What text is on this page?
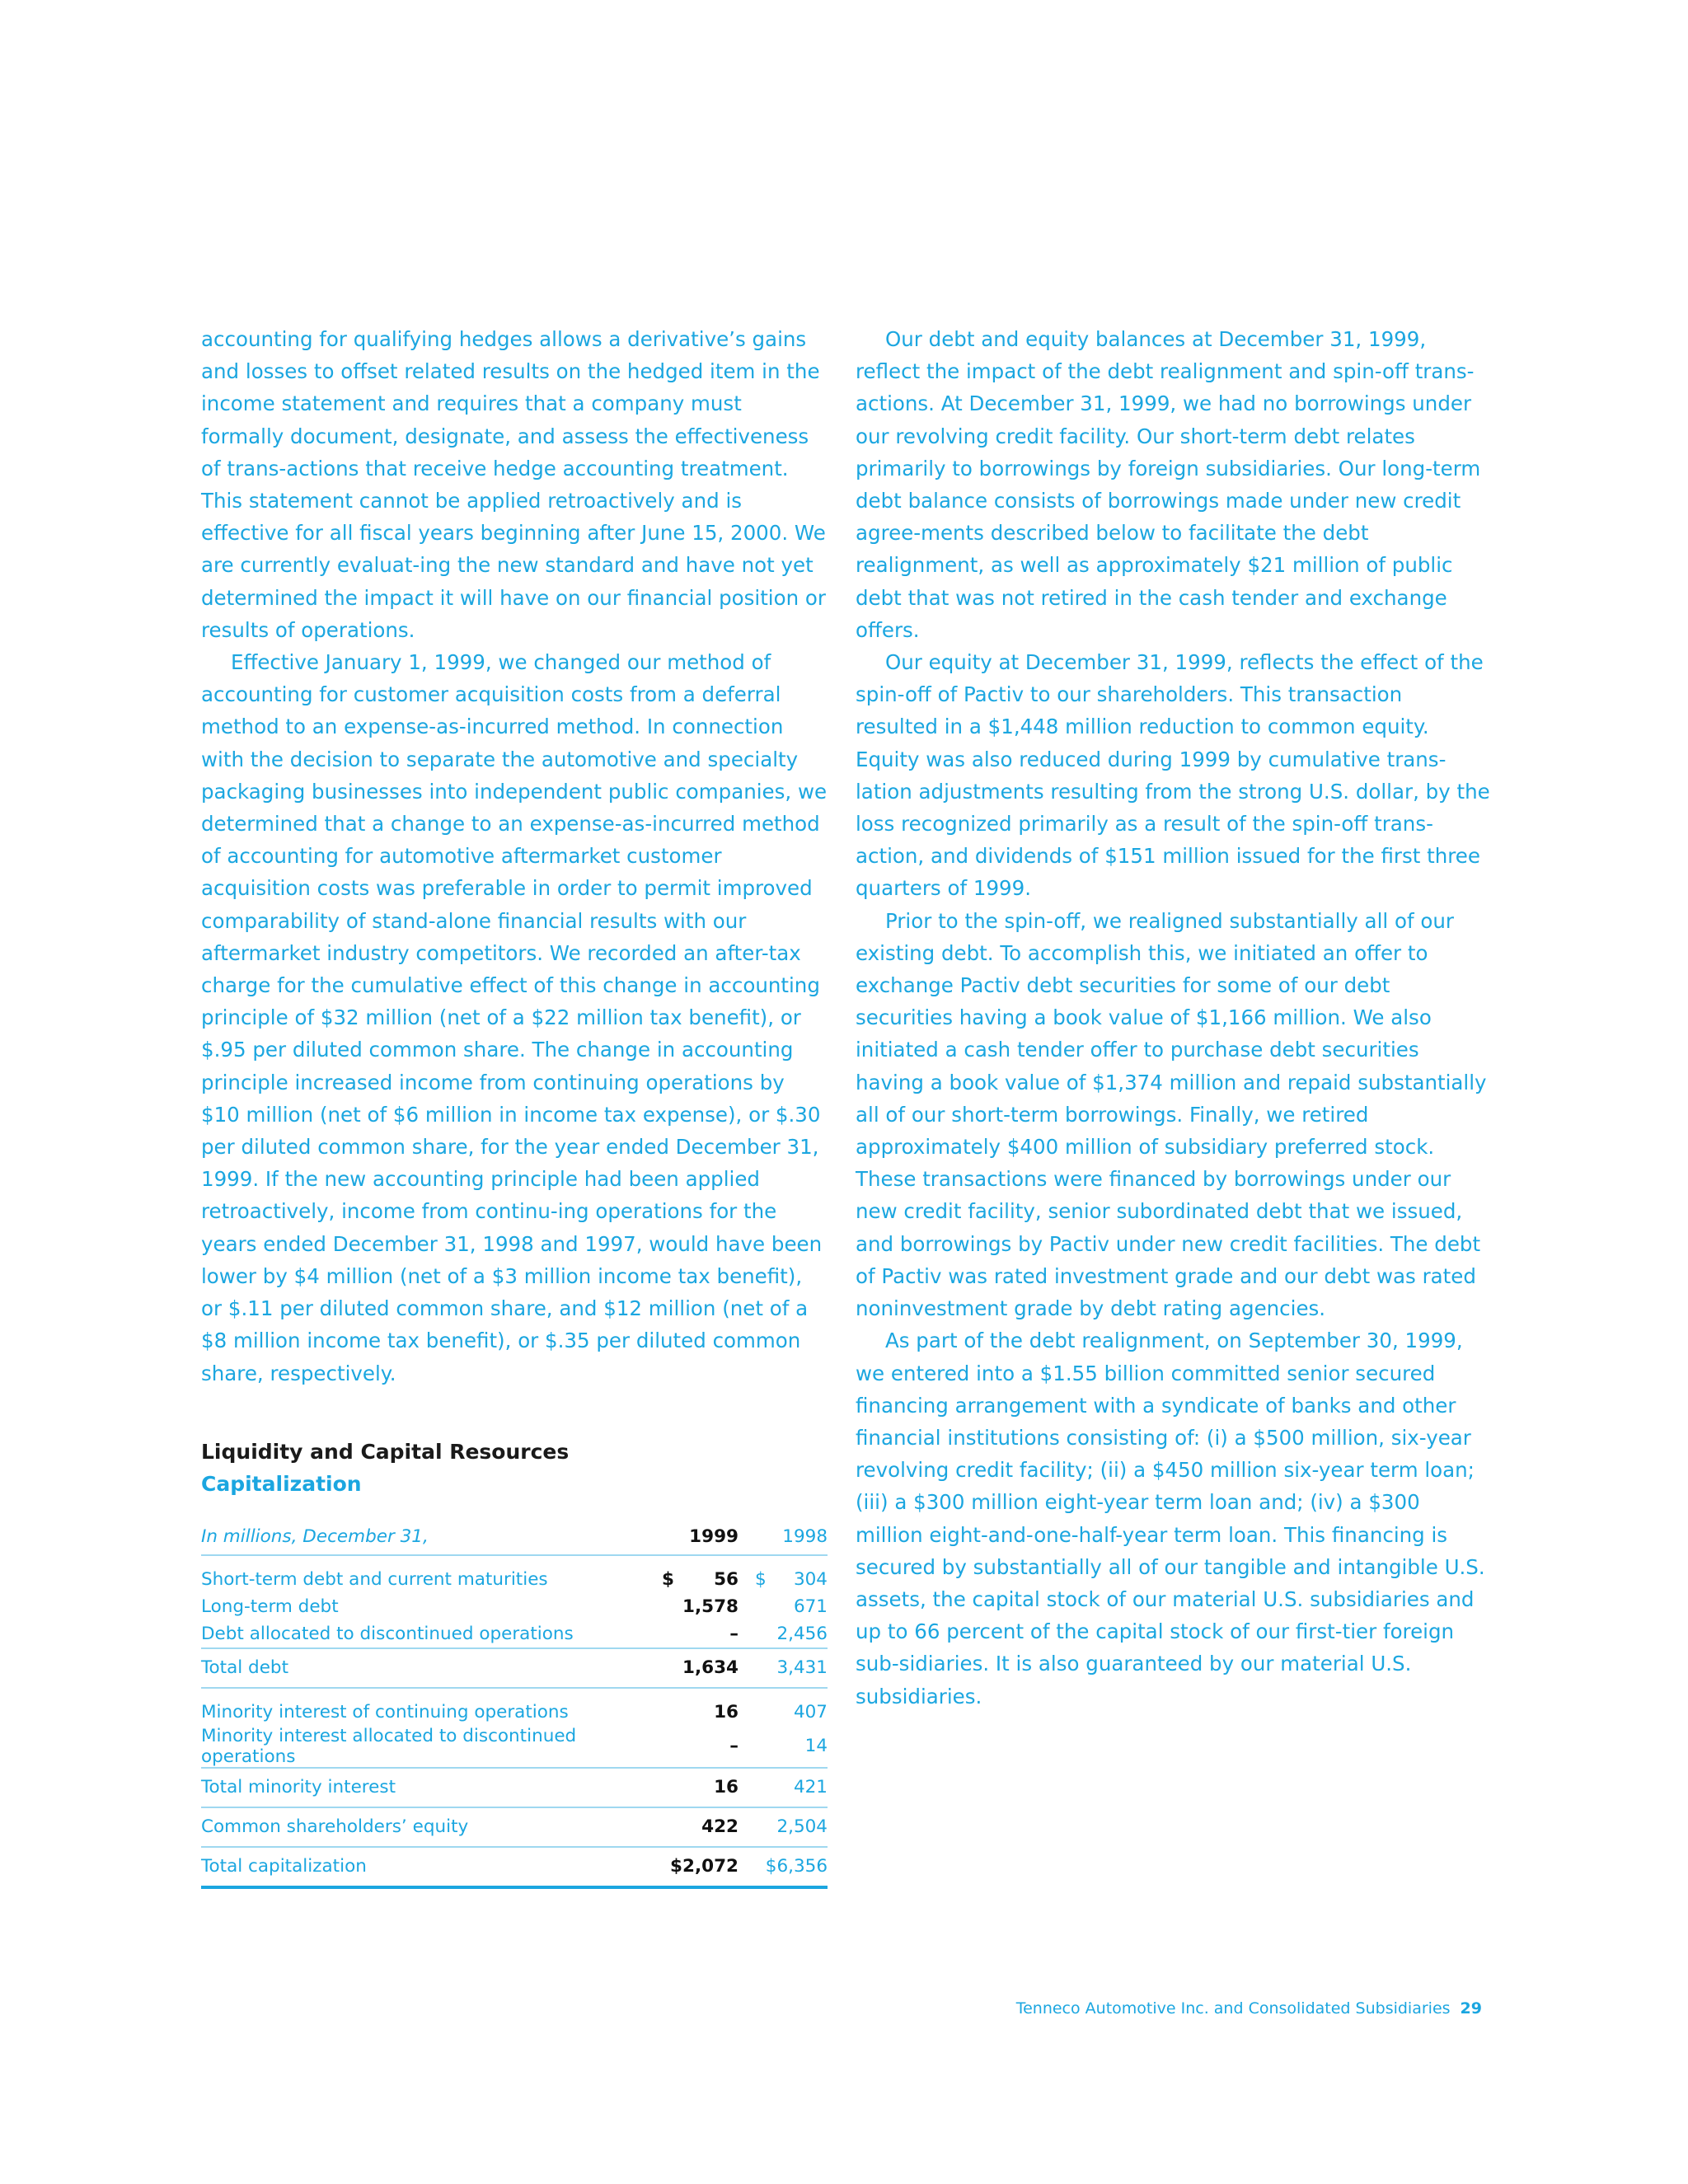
accounting for qualifying hedges allows a derivative’s gains and losses to offset related results on the hedged item in the income statement and requires that a company must formally document, designate, and assess the effectiveness of trans-actions that receive hedge accounting treatment. This statement cannot be applied retroactively and is effective for all fiscal years beginning after June 15, 2000. We are currently evaluat-ing the new standard and have not yet determined the impact it will have on our financial position or results of operations.

Effective January 1, 1999, we changed our method of accounting for customer acquisition costs from a deferral method to an expense-as-incurred method. In connection with the decision to separate the automotive and specialty packaging businesses into independent public companies, we determined that a change to an expense-as-incurred method of accounting for automotive aftermarket customer acquisition costs was preferable in order to permit improved comparability of stand-alone financial results with our aftermarket industry competitors. We recorded an after-tax charge for the cumulative effect of this change in accounting principle of $32 million (net of a $22 million tax benefit), or $.95 per diluted common share. The change in accounting principle increased income from continuing operations by $10 million (net of $6 million in income tax expense), or $.30 per diluted common share, for the year ended December 31, 1999. If the new accounting principle had been applied retroactively, income from continu-ing operations for the years ended December 31, 1998 and 1997, would have been lower by $4 million (net of a $3 million income tax benefit), or $.11 per diluted common share, and $12 million (net of a $8 million income tax benefit), or $.35 per diluted common share, respectively.

Liquidity and Capital Resources
Capitalization
In millions, December 31,	1999	1998
Short-term debt and current maturities	$ 56	$ 304

Long-term debt	1,578	671
Debt allocated to discontinued operations	–	2,456
Total debt	1,634	3,431
Minority interest of continuing operations	16	407
Minority interest allocated to discontinued operations	–	14
Total minority interest	16	421
Common shareholders’ equity	422	2,504
Total capitalization	$2,072	$6,356

Our debt and equity balances at December 31, 1999, reflect the impact of the debt realignment and spin-off trans-actions. At December 31, 1999, we had no borrowings under our revolving credit facility. Our short-term debt relates primarily to borrowings by foreign subsidiaries. Our long-term debt balance consists of borrowings made under new credit agree-ments described below to facilitate the debt realignment, as well as approximately $21 million of public debt that was not retired in the cash tender and exchange offers.

Our equity at December 31, 1999, reflects the effect of the spin-off of Pactiv to our shareholders. This transaction resulted in a $1,448 million reduction to common equity. Equity was also reduced during 1999 by cumulative trans-lation adjustments resulting from the strong U.S. dollar, by the loss recognized primarily as a result of the spin-off trans-action, and dividends of $151 million issued for the first three quarters of 1999.

Prior to the spin-off, we realigned substantially all of our existing debt. To accomplish this, we initiated an offer to exchange Pactiv debt securities for some of our debt securities having a book value of $1,166 million. We also initiated a cash tender offer to purchase debt securities having a book value of $1,374 million and repaid substantially all of our short-term borrowings. Finally, we retired approximately $400 million of subsidiary preferred stock. These transactions were financed by borrowings under our new credit facility, senior subordinated debt that we issued, and borrowings by Pactiv under new credit facilities. The debt of Pactiv was rated investment grade and our debt was rated noninvestment grade by debt rating agencies.

As part of the debt realignment, on September 30, 1999, we entered into a $1.55 billion committed senior secured financing arrangement with a syndicate of banks and other financial institutions consisting of: (i) a $500 million, six-year revolving credit facility; (ii) a $450 million six-year term loan; (iii) a $300 million eight-year term loan and; (iv) a $300 million eight-and-one-half-year term loan. This financing is secured by substantially all of our tangible and intangible U.S. assets, the capital stock of our material U.S. subsidiaries and up to 66 percent of the capital stock of our first-tier foreign sub-sidiaries. It is also guaranteed by our material U.S. subsidiaries.

Tenneco Automotive Inc. and Consolidated Subsidiaries 29
